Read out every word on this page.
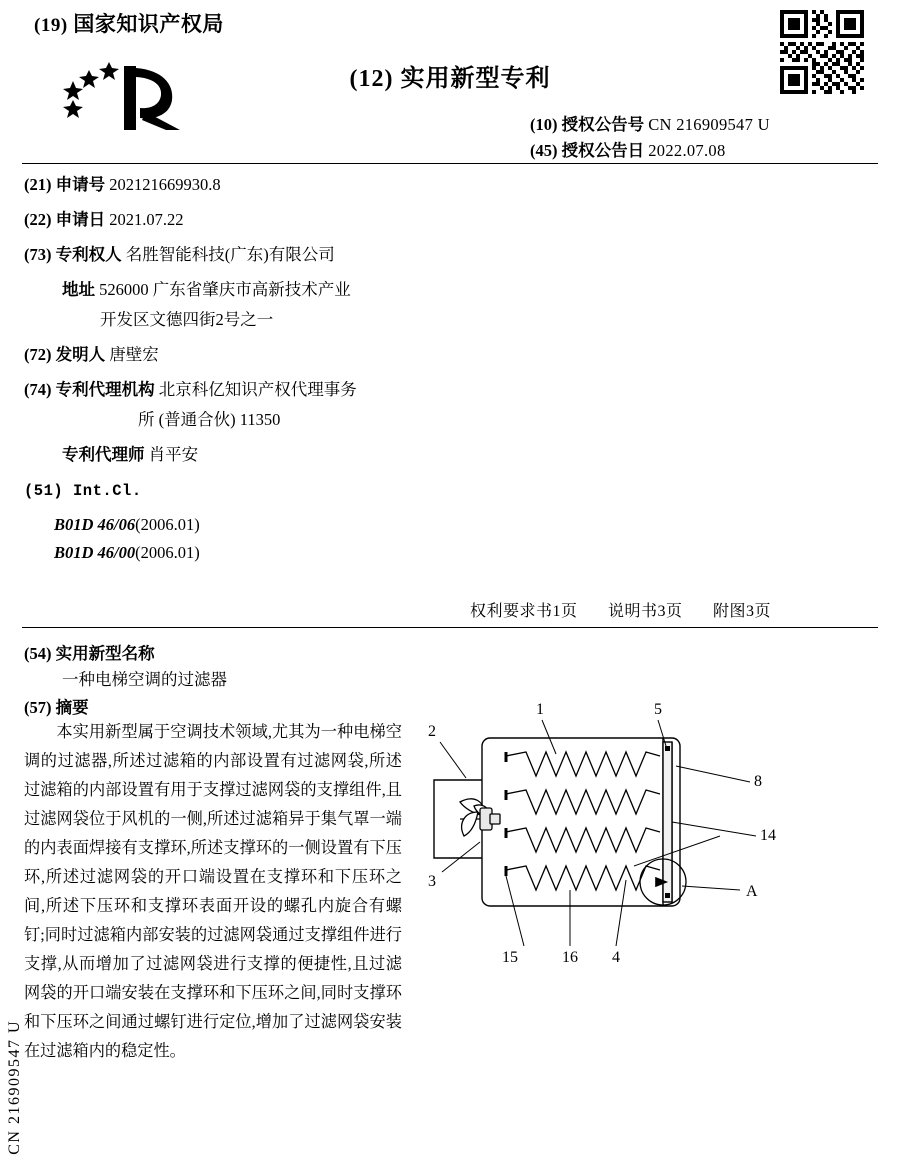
(19) 国家知识产权局
(12) 实用新型专利
(10) 授权公告号 CN 216909547 U
(45) 授权公告日 2022.07.08
(21) 申请号 202121669930.8
(22) 申请日 2021.07.22
(73) 专利权人 名胜智能科技(广东)有限公司
地址 526000 广东省肇庆市高新技术产业
开发区文德四街2号之一
(72) 发明人 唐壁宏
(74) 专利代理机构 北京科亿知识产权代理事务
所 (普通合伙) 11350
专利代理师 肖平安
(51) Int.Cl.
B01D 46/06(2006.01)
B01D 46/00(2006.01)
权利要求书1页 说明书3页 附图3页
(54) 实用新型名称
一种电梯空调的过滤器
(57) 摘要
本实用新型属于空调技术领域,尤其为一种电梯空调的过滤器,所述过滤箱的内部设置有过滤网袋,所述过滤箱的内部设置有用于支撑过滤网袋的支撑组件,且过滤网袋位于风机的一侧,所述过滤箱异于集气罩一端的内表面焊接有支撑环,所述支撑环的一侧设置有下压环,所述过滤网袋的开口端设置在支撑环和下压环之间,所述下压环和支撑环表面开设的螺孔内旋合有螺钉;同时过滤箱内部安装的过滤网袋通过支撑组件进行支撑,从而增加了过滤网袋进行支撑的便捷性,且过滤网袋的开口端安装在支撑环和下压环之间,同时支撑环和下压环之间通过螺钉进行定位,增加了过滤网袋安装在过滤箱内的稳定性。
CN 216909547 U
1	5
2
8
14
3
A
15	16 4
